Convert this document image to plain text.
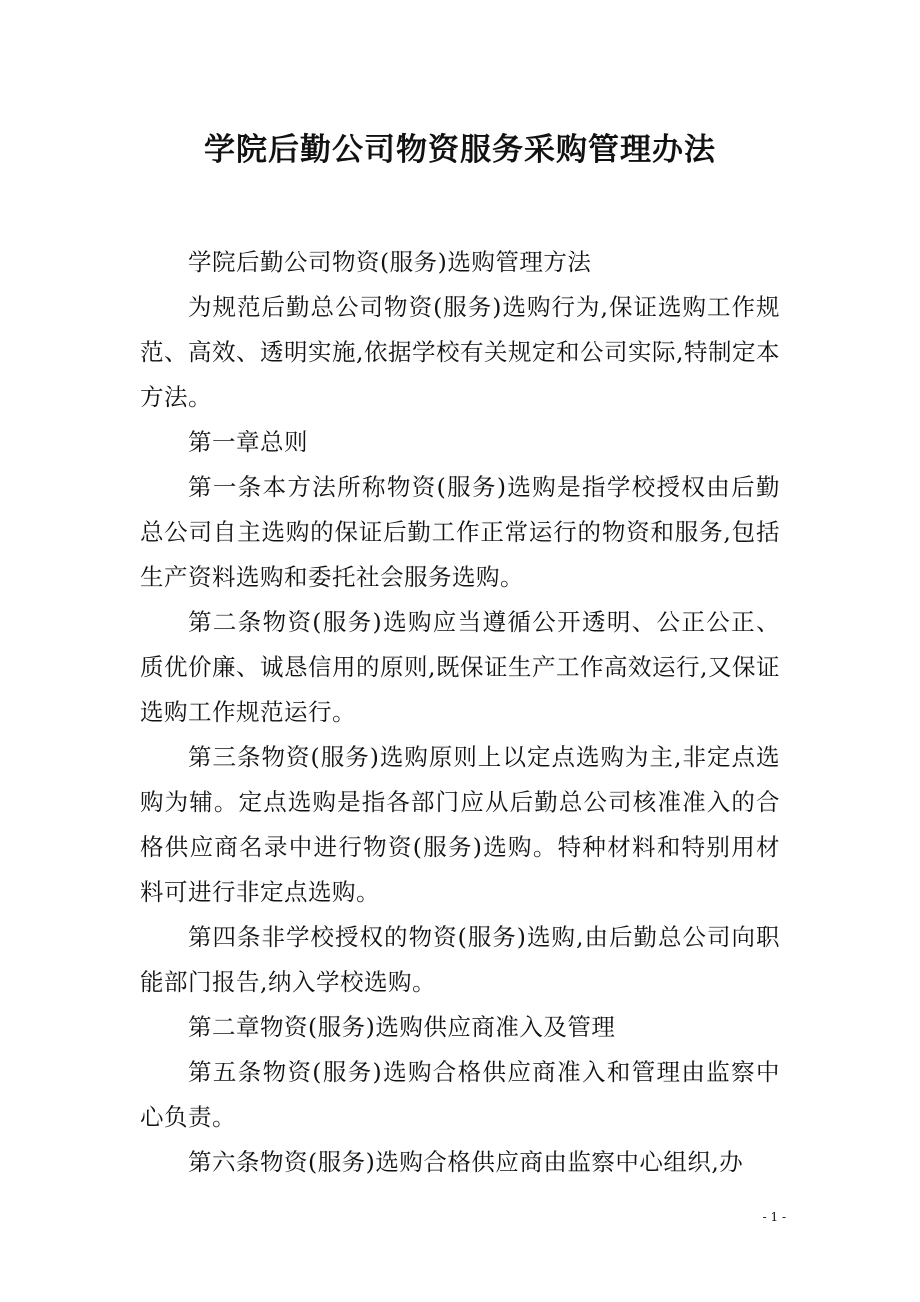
学院后勤公司物资服务采购管理办法

学院后勤公司物资(服务)选购管理方法

为规范后勤总公司物资(服务)选购行为,保证选购工作规范、高效、透明实施,依据学校有关规定和公司实际,特制定本方法。

第一章总则

第一条本方法所称物资(服务)选购是指学校授权由后勤总公司自主选购的保证后勤工作正常运行的物资和服务,包括生产资料选购和委托社会服务选购。

第二条物资(服务)选购应当遵循公开透明、公正公正、质优价廉、诚恳信用的原则,既保证生产工作高效运行,又保证选购工作规范运行。

第三条物资(服务)选购原则上以定点选购为主,非定点选购为辅。定点选购是指各部门应从后勤总公司核准准入的合格供应商名录中进行物资(服务)选购。特种材料和特别用材料可进行非定点选购。

第四条非学校授权的物资(服务)选购,由后勤总公司向职能部门报告,纳入学校选购。

第二章物资(服务)选购供应商准入及管理

第五条物资(服务)选购合格供应商准入和管理由监察中心负责。

第六条物资(服务)选购合格供应商由监察中心组织,办

- 1 -
